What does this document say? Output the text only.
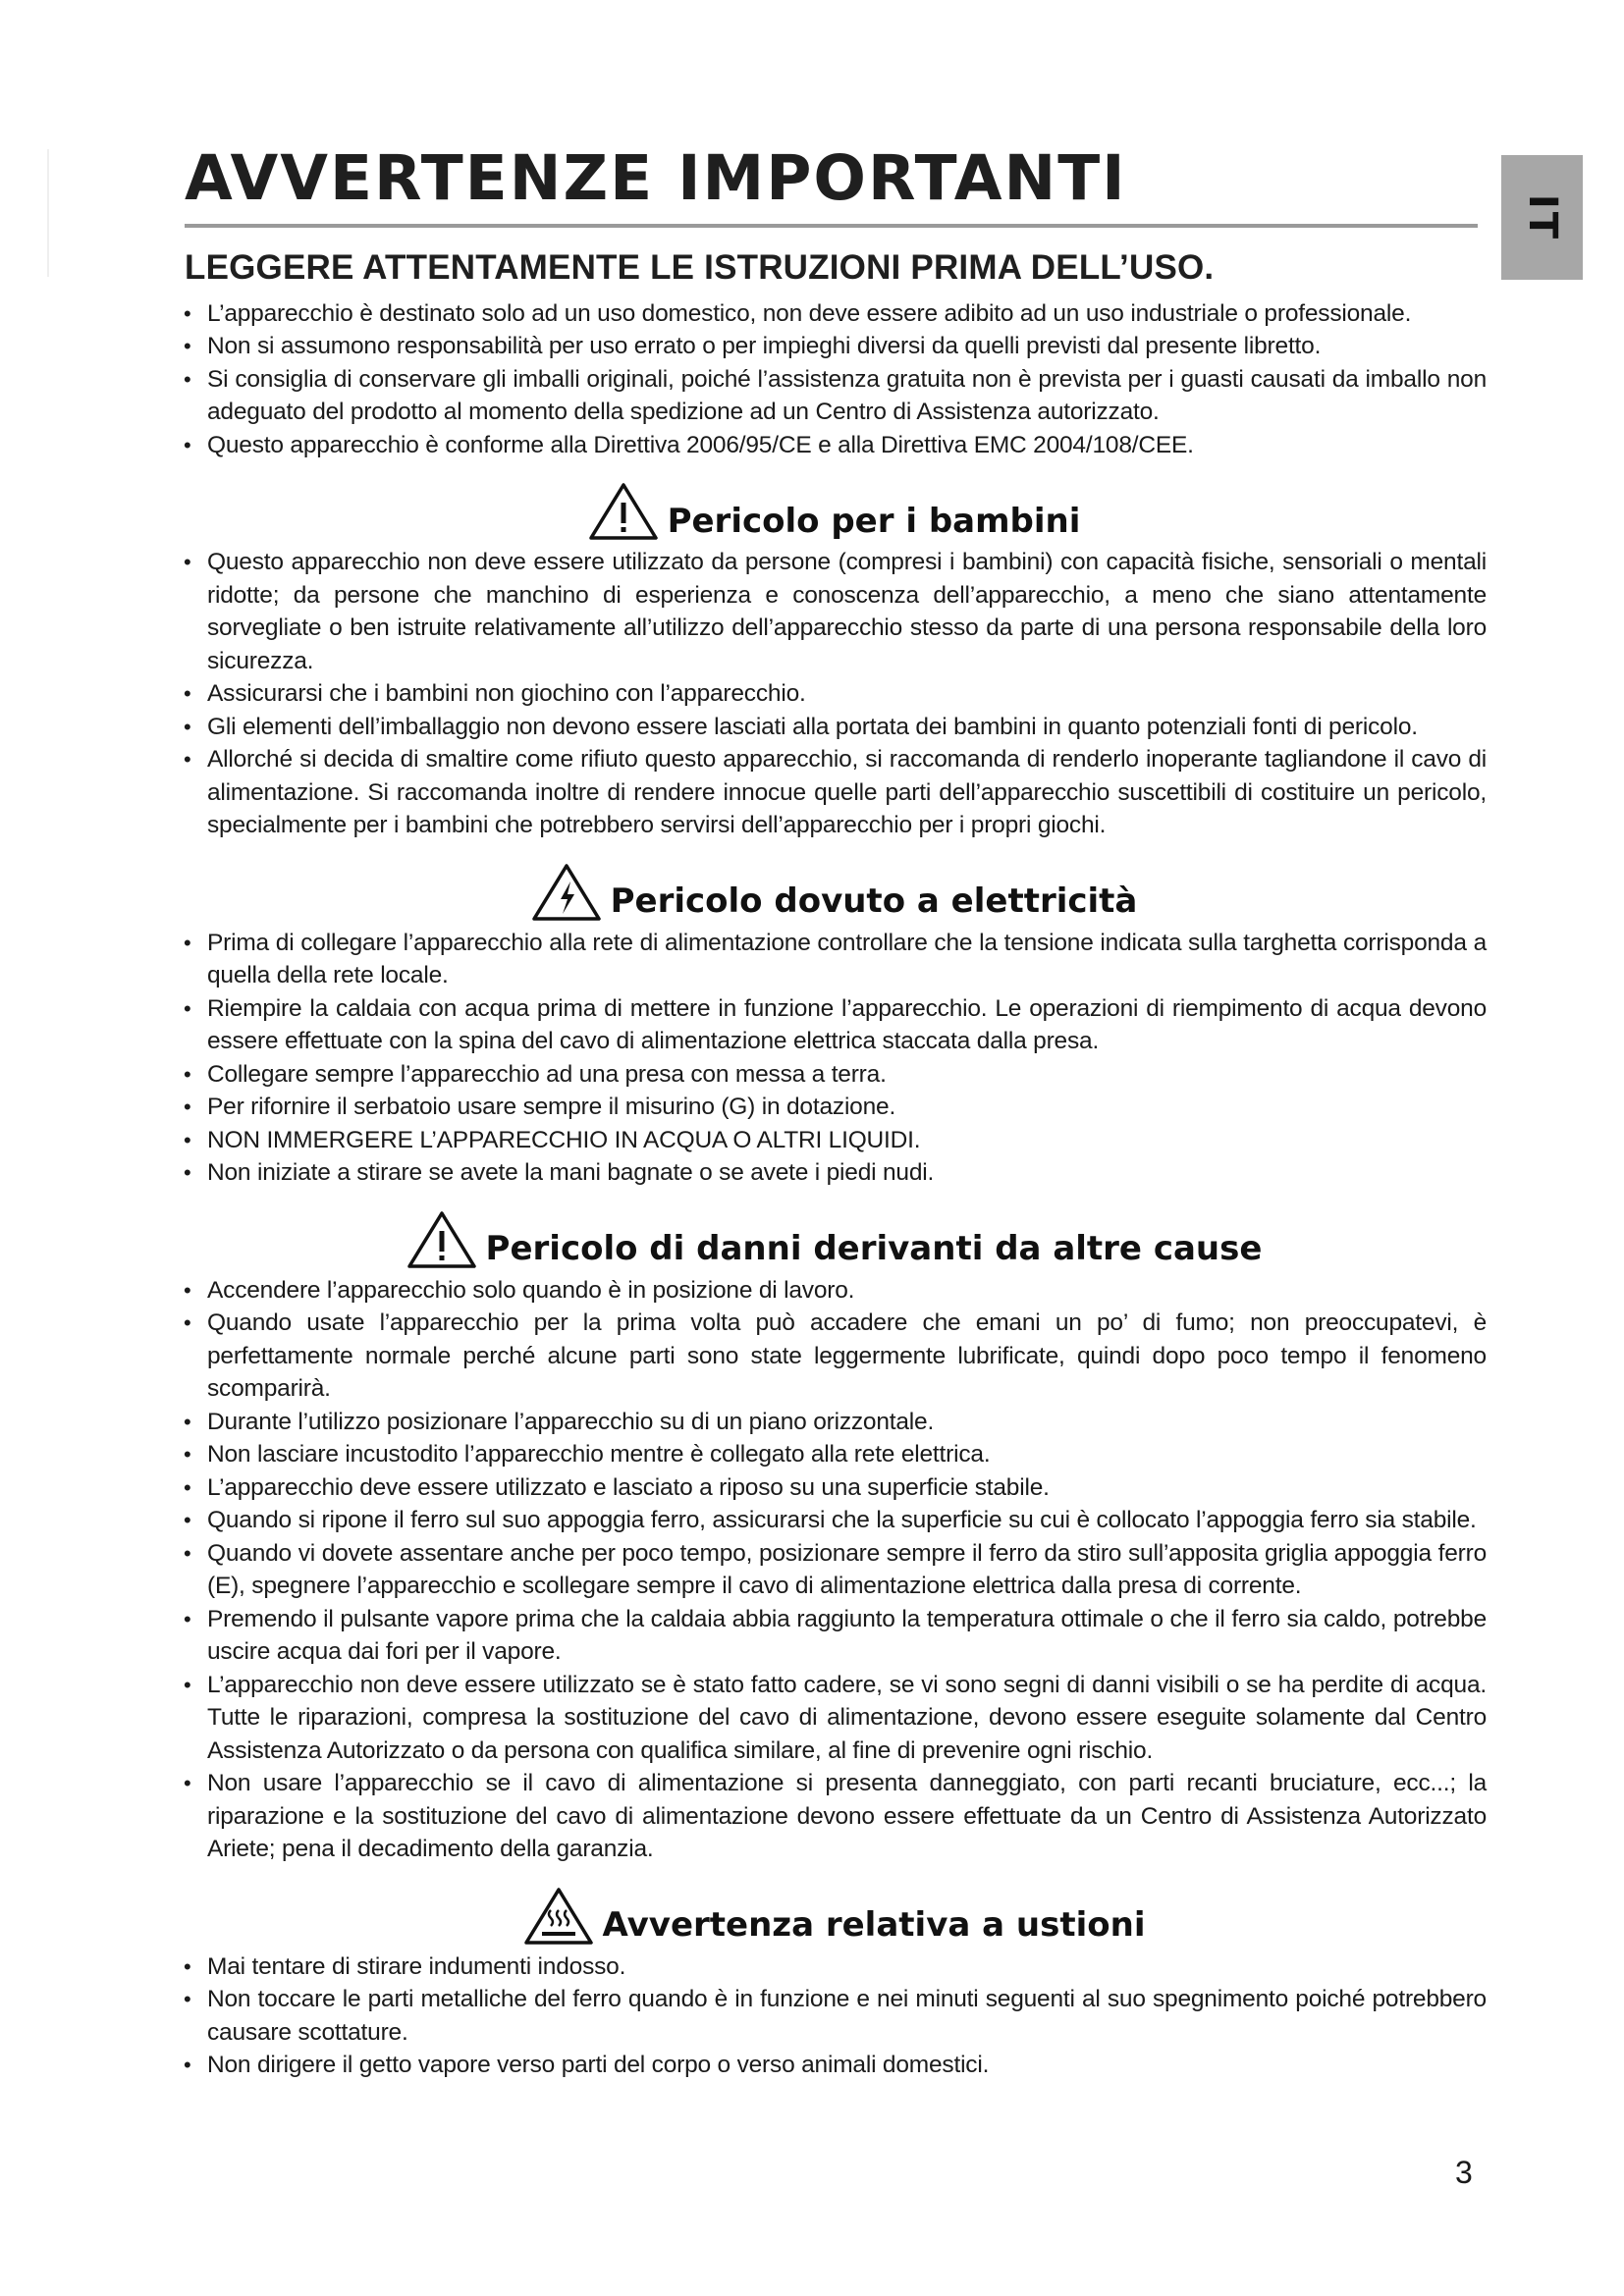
AVVERTENZE IMPORTANTI
IT
LEGGERE ATTENTAMENTE LE ISTRUZIONI PRIMA DELL’USO.
• L’apparecchio è destinato solo ad un uso domestico, non deve essere adibito ad un uso industriale o professionale.
• Non si assumono responsabilità per uso errato o per impieghi diversi da quelli previsti dal presente libretto.
• Si consiglia di conservare gli imballi originali, poiché l’assistenza gratuita non è prevista per i guasti causati da imballo non adeguato del prodotto al momento della spedizione ad un Centro di Assistenza autorizzato.
• Questo apparecchio è conforme alla Direttiva 2006/95/CE e alla Direttiva EMC 2004/108/CEE.
Pericolo per i bambini
• Questo apparecchio non deve essere utilizzato da persone (compresi i bambini) con capacità fisiche, sensoriali o mentali ridotte; da persone che manchino di esperienza e conoscenza dell’apparecchio, a meno che siano attentamente sorvegliate o ben istruite relativamente all’utilizzo dell’apparecchio stesso da parte di una persona responsabile della loro sicurezza.
• Assicurarsi che i bambini non giochino con l’apparecchio.
• Gli elementi dell’imballaggio non devono essere lasciati alla portata dei bambini in quanto potenziali fonti di pericolo.
• Allorché si decida di smaltire come rifiuto questo apparecchio, si raccomanda di renderlo inoperante tagliandone il cavo di alimentazione. Si raccomanda inoltre di rendere innocue quelle parti dell’apparecchio suscettibili di costituire un pericolo, specialmente per i bambini che potrebbero servirsi dell’apparecchio per i propri giochi.
Pericolo dovuto a elettricità
• Prima di collegare l’apparecchio alla rete di alimentazione controllare che la tensione indicata sulla targhetta corrisponda a quella della rete locale.
• Riempire la caldaia con acqua prima di mettere in funzione l’apparecchio. Le operazioni di riempimento di acqua devono essere effettuate con la spina del cavo di alimentazione elettrica staccata dalla presa.
• Collegare sempre l’apparecchio ad una presa con messa a terra.
• Per rifornire il serbatoio usare sempre il misurino (G) in dotazione.
• NON IMMERGERE L’APPARECCHIO IN ACQUA O ALTRI LIQUIDI.
• Non iniziate a stirare se avete la mani bagnate o se avete i piedi nudi.
Pericolo di danni derivanti da altre cause
• Accendere l’apparecchio solo quando è in posizione di lavoro.
• Quando usate l’apparecchio per la prima volta può accadere che emani un po’ di fumo; non preoccupatevi, è perfettamente normale perché alcune parti sono state leggermente lubrificate, quindi dopo poco tempo il fenomeno scomparirà.
• Durante l’utilizzo posizionare l’apparecchio su di un piano orizzontale.
• Non lasciare incustodito l’apparecchio mentre è collegato alla rete elettrica.
• L’apparecchio deve essere utilizzato e lasciato a riposo su una superficie stabile.
• Quando si ripone il ferro sul suo appoggia ferro, assicurarsi che la superficie su cui è collocato l’appoggia ferro sia stabile.
• Quando vi dovete assentare anche per poco tempo, posizionare sempre il ferro da stiro sull’apposita griglia appoggia ferro (E), spegnere l’apparecchio e scollegare sempre il cavo di alimentazione elettrica dalla presa di corrente.
• Premendo il pulsante vapore prima che la caldaia abbia raggiunto la temperatura ottimale o che il ferro sia caldo, potrebbe uscire acqua dai fori per il vapore.
• L’apparecchio non deve essere utilizzato se è stato fatto cadere, se vi sono segni di danni visibili o se ha perdite di acqua. Tutte le riparazioni, compresa la sostituzione del cavo di alimentazione, devono essere eseguite solamente dal Centro Assistenza Autorizzato o da persona con qualifica similare, al fine di prevenire ogni rischio.
• Non usare l’apparecchio se il cavo di alimentazione si presenta danneggiato, con parti recanti bruciature, ecc...; la riparazione e la sostituzione del cavo di alimentazione devono essere effettuate da un Centro di Assistenza Autorizzato Ariete; pena il decadimento della garanzia.
Avvertenza relativa a ustioni
• Mai tentare di stirare indumenti indosso.
• Non toccare le parti metalliche del ferro quando è in funzione e nei minuti seguenti al suo spegnimento poiché potrebbero causare scottature.
• Non dirigere il getto vapore verso parti del corpo o verso animali domestici.
3
